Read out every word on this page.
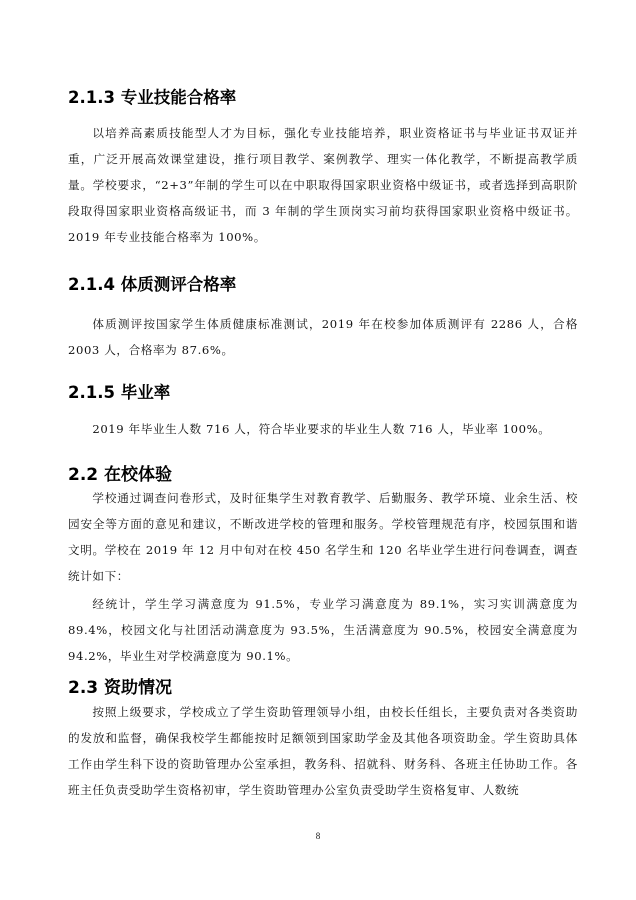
2.1.3 专业技能合格率

以培养高素质技能型人才为目标，强化专业技能培养，职业资格证书与毕业证书双证并重，广泛开展高效课堂建设，推行项目教学、案例教学、理实一体化教学，不断提高教学质量。学校要求，“2+3”年制的学生可以在中职取得国家职业资格中级证书，或者选择到高职阶段取得国家职业资格高级证书，而 3 年制的学生顶岗实习前均获得国家职业资格中级证书。2019 年专业技能合格率为 100%。

2.1.4 体质测评合格率

体质测评按国家学生体质健康标准测试，2019 年在校参加体质测评有 2286 人，合格 2003 人，合格率为 87.6%。

2.1.5 毕业率

2019 年毕业生人数 716 人，符合毕业要求的毕业生人数 716 人，毕业率 100%。

2.2 在校体验

学校通过调查问卷形式，及时征集学生对教育教学、后勤服务、教学环境、业余生活、校园安全等方面的意见和建议，不断改进学校的管理和服务。学校管理规范有序，校园氛围和谐文明。学校在 2019 年 12 月中旬对在校 450 名学生和 120 名毕业学生进行问卷调查，调查统计如下：

经统计，学生学习满意度为 91.5%，专业学习满意度为 89.1%，实习实训满意度为 89.4%，校园文化与社团活动满意度为 93.5%，生活满意度为 90.5%，校园安全满意度为 94.2%，毕业生对学校满意度为 90.1%。

2.3 资助情况

按照上级要求，学校成立了学生资助管理领导小组，由校长任组长，主要负责对各类资助的发放和监督，确保我校学生都能按时足额领到国家助学金及其他各项资助金。学生资助具体工作由学生科下设的资助管理办公室承担，教务科、招就科、财务科、各班主任协助工作。各班主任负责受助学生资格初审，学生资助管理办公室负责受助学生资格复审、人数统

8
